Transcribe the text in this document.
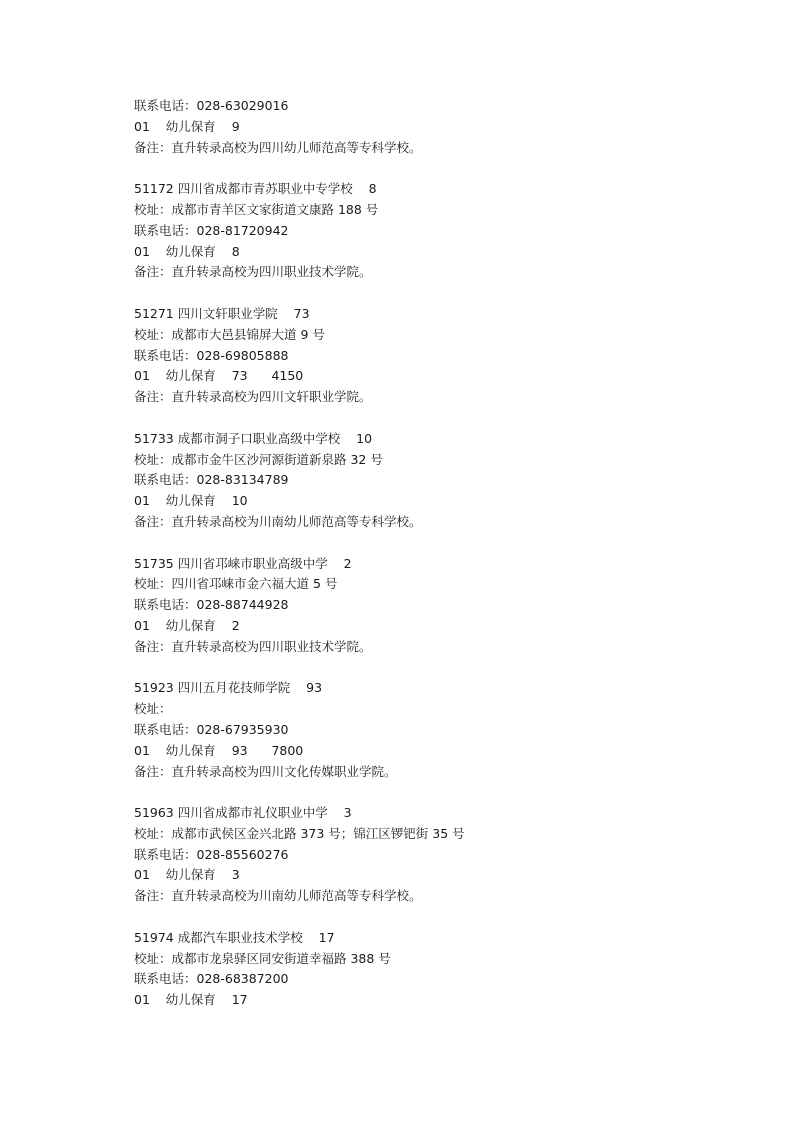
联系电话：028-63029016
01    幼儿保育    9
备注：直升转录高校为四川幼儿师范高等专科学校。
51172 四川省成都市青苏职业中专学校    8
校址：成都市青羊区文家街道文康路 188 号
联系电话：028-81720942
01    幼儿保育    8
备注：直升转录高校为四川职业技术学院。
51271 四川文轩职业学院    73
校址：成都市大邑县锦屏大道 9 号
联系电话：028-69805888
01    幼儿保育    73      4150
备注：直升转录高校为四川文轩职业学院。
51733 成都市洞子口职业高级中学校    10
校址：成都市金牛区沙河源街道新泉路 32 号
联系电话：028-83134789
01    幼儿保育    10
备注：直升转录高校为川南幼儿师范高等专科学校。
51735 四川省邛崃市职业高级中学    2
校址：四川省邛崃市金六福大道 5 号
联系电话：028-88744928
01    幼儿保育    2
备注：直升转录高校为四川职业技术学院。
51923 四川五月花技师学院    93
校址：
联系电话：028-67935930
01    幼儿保育    93      7800
备注：直升转录高校为四川文化传媒职业学院。
51963 四川省成都市礼仪职业中学    3
校址：成都市武侯区金兴北路 373 号；锦江区锣钯街 35 号
联系电话：028-85560276
01    幼儿保育    3
备注：直升转录高校为川南幼儿师范高等专科学校。
51974 成都汽车职业技术学校    17
校址：成都市龙泉驿区同安街道幸福路 388 号
联系电话：028-68387200
01    幼儿保育    17
